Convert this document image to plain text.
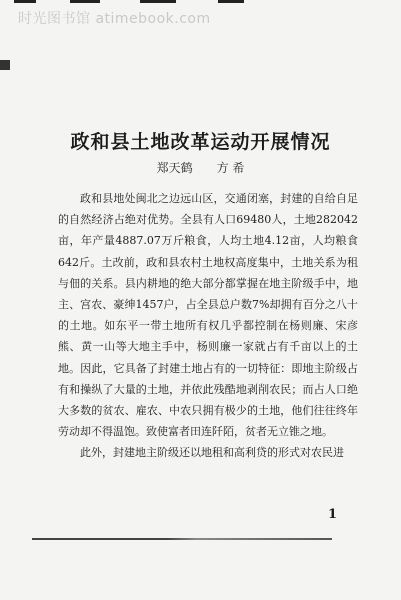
时光图书馆 atimebook.com
政和县土地改革运动开展情况
郑天鹤 方 希

政和县地处闽北之边远山区，交通闭塞，封建的自给自足的自然经济占绝对优势。全县有人口69480人，土地282042亩，年产量4887.07万斤粮食，人均土地4.12亩，人均粮食642斤。土改前，政和县农村土地权高度集中，土地关系为租与佃的关系。县内耕地的绝大部分都掌握在地主阶级手中，地主、宫农、豪绅1457户，占全县总户数7%却拥有百分之八十的土地。如东平一带土地所有权几乎都控制在杨则廉、宋彦熊、黄一山等大地主手中，杨则廉一家就占有千亩以上的土地。因此，它具备了封建土地占有的一切特征：即地主阶级占有和操纵了大量的土地，并依此残酷地剥削农民；而占人口绝大多数的贫农、雇农、中农只拥有极少的土地，他们往往终年劳动却不得温饱。致使富者田连阡陌，贫者无立锥之地。

此外，封建地主阶级还以地租和高利贷的形式对农民进

1
